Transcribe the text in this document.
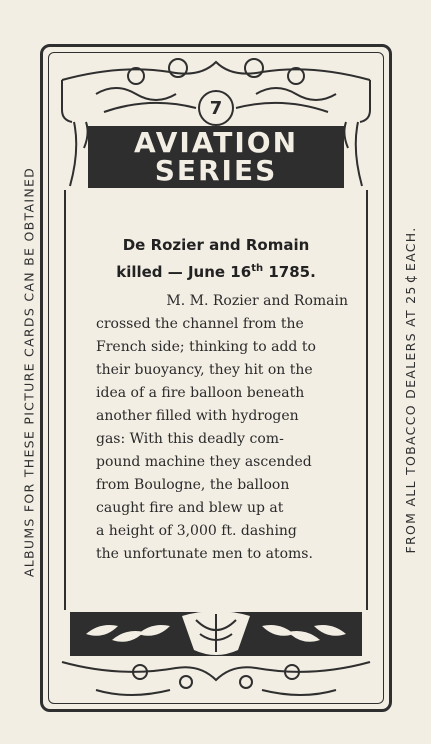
ALBUMS FOR THESE PICTURE CARDS CAN BE OBTAINED	FROM ALL TOBACCO DEALERS AT 25¢EACH.
7
AVIATION
SERIES
De Rozier and Romain
killed — June 16th 1785.
M. M. Rozier and Romain
crossed the channel from the
French side; thinking to add to
their buoyancy, they hit on the
idea of a fire balloon beneath
another filled with hydrogen
gas: With this deadly com-
pound machine they ascended
from Boulogne, the balloon
caught fire and blew up at
a height of 3,000 ft. dashing
the unfortunate men to atoms.
